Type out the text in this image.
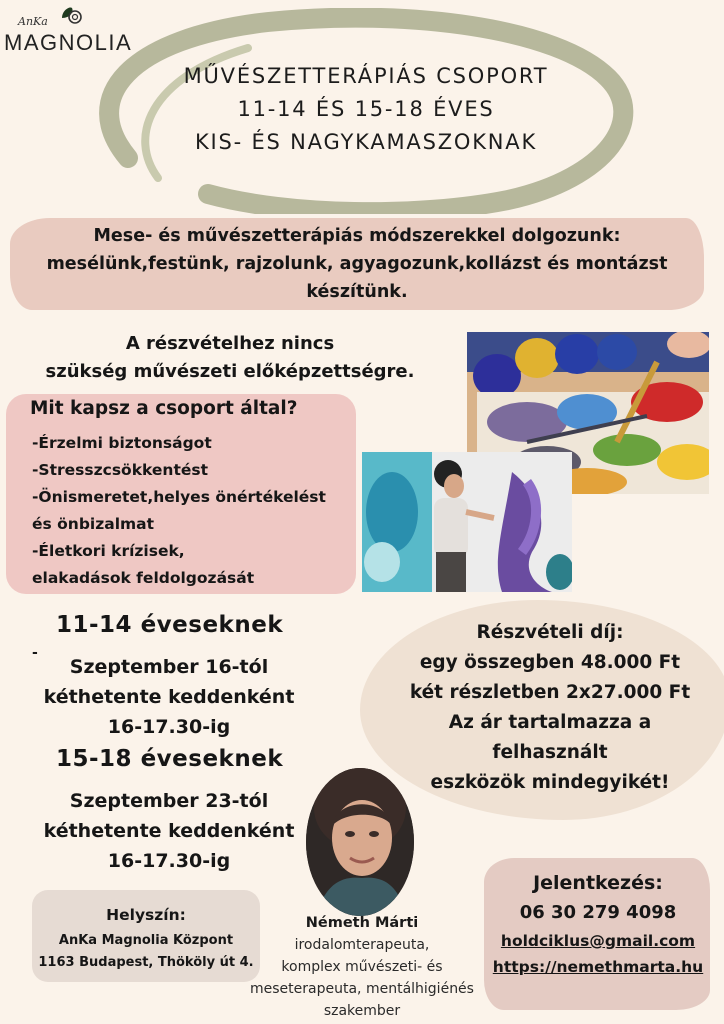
AnKa
MAGNOLIA
MŰVÉSZETTERÁPIÁS CSOPORT
11-14 ÉS 15-18 ÉVES
KIS- ÉS NAGYKAMASZOKNAK
Mese- és művészetterápiás módszerekkel dolgozunk:
mesélünk,festünk, rajzolunk, agyagozunk,kollázst és montázst
készítünk.
A részvételhez nincs
szükség művészeti előképzettségre.
Mit kapsz a csoport által?
-Érzelmi biztonságot
-Stresszcsökkentést
-Önismeretet,helyes önértékelést
és önbizalmat
-Életkori krízisek,
elakadások feldolgozását
11-14 éveseknek
-
Szeptember 16-tól
kéthetente keddenként
16-17.30-ig
15-18 éveseknek
Szeptember 23-tól
kéthetente keddenként
16-17.30-ig
Részvételi díj:
egy összegben 48.000 Ft
két részletben 2x27.000 Ft
Az ár tartalmazza a
felhasznált
eszközök mindegyikét!
Helyszín:
AnKa Magnolia Központ
1163 Budapest, Thököly út 4.
Németh Márti
irodalomterapeuta,
komplex művészeti- és
meseterapeuta, mentálhigiénés
szakember
Jelentkezés:
06 30 279 4098
holdciklus@gmail.com
https://nemethmarta.hu
